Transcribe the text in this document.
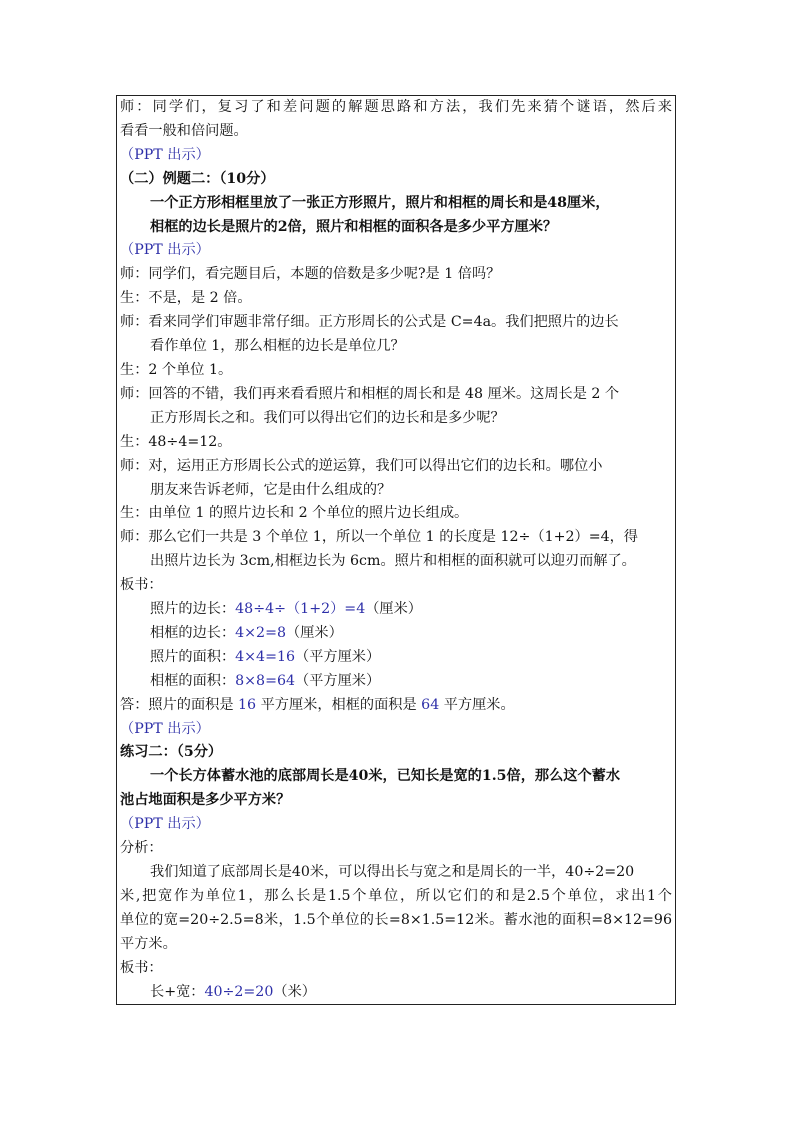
师：同学们，复习了和差问题的解题思路和方法，我们先来猜个谜语，然后来
看看一般和倍问题。
（PPT 出示）
（二）例题二：（10分）
一个正方形相框里放了一张正方形照片，照片和相框的周长和是48厘米，
相框的边长是照片的2倍，照片和相框的面积各是多少平方厘米？
（PPT 出示）
师：同学们，看完题目后，本题的倍数是多少呢?是 1 倍吗？
生：不是，是 2 倍。
师：看来同学们审题非常仔细。正方形周长的公式是 C=4a。我们把照片的边长
看作单位 1，那么相框的边长是单位几？
生：2 个单位 1。
师：回答的不错，我们再来看看照片和相框的周长和是 48 厘米。这周长是 2 个
正方形周长之和。我们可以得出它们的边长和是多少呢？
生：48÷4=12。
师：对，运用正方形周长公式的逆运算，我们可以得出它们的边长和。哪位小
朋友来告诉老师，它是由什么组成的？
生：由单位 1 的照片边长和 2 个单位的照片边长组成。
师：那么它们一共是 3 个单位 1，所以一个单位 1 的长度是 12÷（1+2）=4，得
出照片边长为 3cm,相框边长为 6cm。照片和相框的面积就可以迎刃而解了。
板书：
照片的边长：48÷4÷（1+2）=4（厘米）
相框的边长：4×2=8（厘米）
照片的面积：4×4=16（平方厘米）
相框的面积：8×8=64（平方厘米）
答：照片的面积是 16 平方厘米，相框的面积是 64 平方厘米。
（PPT 出示）
练习二：（5分）
一个长方体蓄水池的底部周长是40米，已知长是宽的1.5倍，那么这个蓄水
池占地面积是多少平方米？
（PPT 出示）
分析：
我们知道了底部周长是40米，可以得出长与宽之和是周长的一半，40÷2=20
米,把宽作为单位1，那么长是1.5个单位，所以它们的和是2.5个单位，求出1个
单位的宽=20÷2.5=8米，1.5个单位的长=8×1.5=12米。蓄水池的面积=8×12=96
平方米。
板书：
长+宽：40÷2=20（米）
